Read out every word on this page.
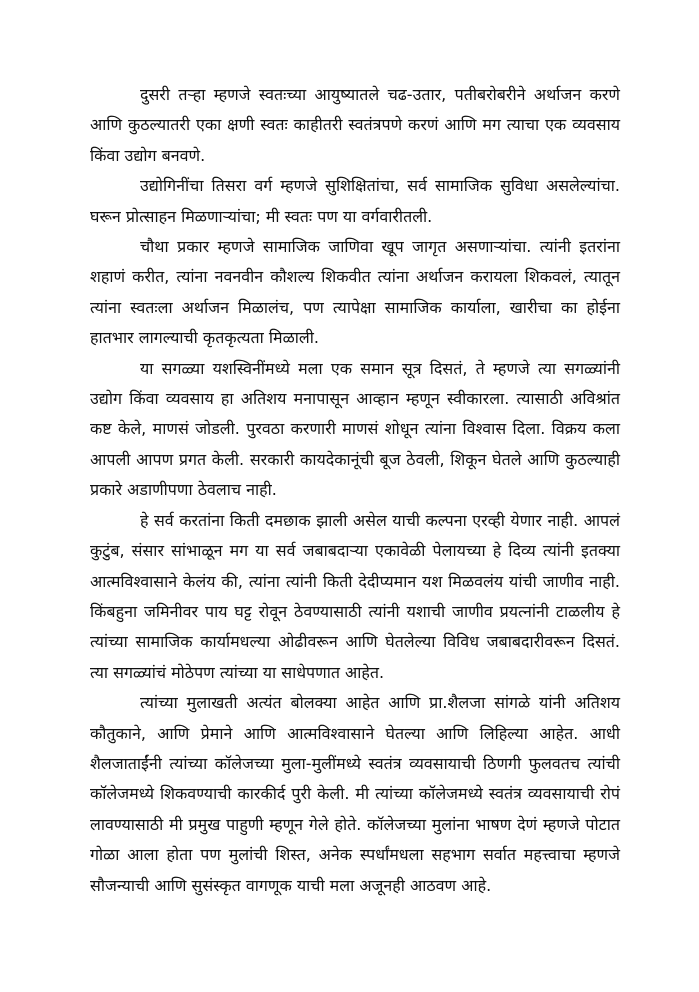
दुसरी तऱ्हा म्हणजे स्वतःच्या आयुष्यातले चढ-उतार, पतीबरोबरीने अर्थाजन करणे आणि कुठल्यातरी एका क्षणी स्वतः काहीतरी स्वतंत्रपणे करणं आणि मग त्याचा एक व्यवसाय किंवा उद्योग बनवणे.

उद्योगिनींचा तिसरा वर्ग म्हणजे सुशिक्षितांचा, सर्व सामाजिक सुविधा असलेल्यांचा. घरून प्रोत्साहन मिळणाऱ्यांचा; मी स्वतः पण या वर्गवारीतली.

चौथा प्रकार म्हणजे सामाजिक जाणिवा खूप जागृत असणाऱ्यांचा. त्यांनी इतरांना शहाणं करीत, त्यांना नवनवीन कौशल्य शिकवीत त्यांना अर्थाजन करायला शिकवलं, त्यातून त्यांना स्वतःला अर्थाजन मिळालंच, पण त्यापेक्षा सामाजिक कार्याला, खारीचा का होईना हातभार लागल्याची कृतकृत्यता मिळाली.

या सगळ्या यशस्विनींमध्ये मला एक समान सूत्र दिसतं, ते म्हणजे त्या सगळ्यांनी उद्योग किंवा व्यवसाय हा अतिशय मनापासून आव्हान म्हणून स्वीकारला. त्यासाठी अविश्रांत कष्ट केले, माणसं जोडली. पुरवठा करणारी माणसं शोधून त्यांना विश्वास दिला. विक्रय कला आपली आपण प्रगत केली. सरकारी कायदेकानूंची बूज ठेवली, शिकून घेतले आणि कुठल्याही प्रकारे अडाणीपणा ठेवलाच नाही.

हे सर्व करतांना किती दमछाक झाली असेल याची कल्पना एरव्ही येणार नाही. आपलं कुटुंब, संसार सांभाळून मग या सर्व जबाबदाऱ्या एकावेळी पेलायच्या हे दिव्य त्यांनी इतक्या आत्मविश्वासाने केलंय की, त्यांना त्यांनी किती देदीप्यमान यश मिळवलंय यांची जाणीव नाही. किंबहुना जमिनीवर पाय घट्ट रोवून ठेवण्यासाठी त्यांनी यशाची जाणीव प्रयत्नांनी टाळलीय हे त्यांच्या सामाजिक कार्यामधल्या ओढीवरून आणि घेतलेल्या विविध जबाबदारीवरून दिसतं. त्या सगळ्यांचं मोठेपण त्यांच्या या साधेपणात आहेत.

त्यांच्या मुलाखती अत्यंत बोलक्या आहेत आणि प्रा.शैलजा सांगळे यांनी अतिशय कौतुकाने, आणि प्रेमाने आणि आत्मविश्वासाने घेतल्या आणि लिहिल्या आहेत. आधी शैलजाताईंनी त्यांच्या कॉलेजच्या मुला-मुलींमध्ये स्वतंत्र व्यवसायाची ठिणगी फुलवतच त्यांची कॉलेजमध्ये शिकवण्याची कारकीर्द पुरी केली. मी त्यांच्या कॉलेजमध्ये स्वतंत्र व्यवसायाची रोपं लावण्यासाठी मी प्रमुख पाहुणी म्हणून गेले होते. कॉलेजच्या मुलांना भाषण देणं म्हणजे पोटात गोळा आला होता पण मुलांची शिस्त, अनेक स्पर्धांमधला सहभाग सर्वात महत्त्वाचा म्हणजे सौजन्याची आणि सुसंस्कृत वागणूक याची मला अजूनही आठवण आहे.
